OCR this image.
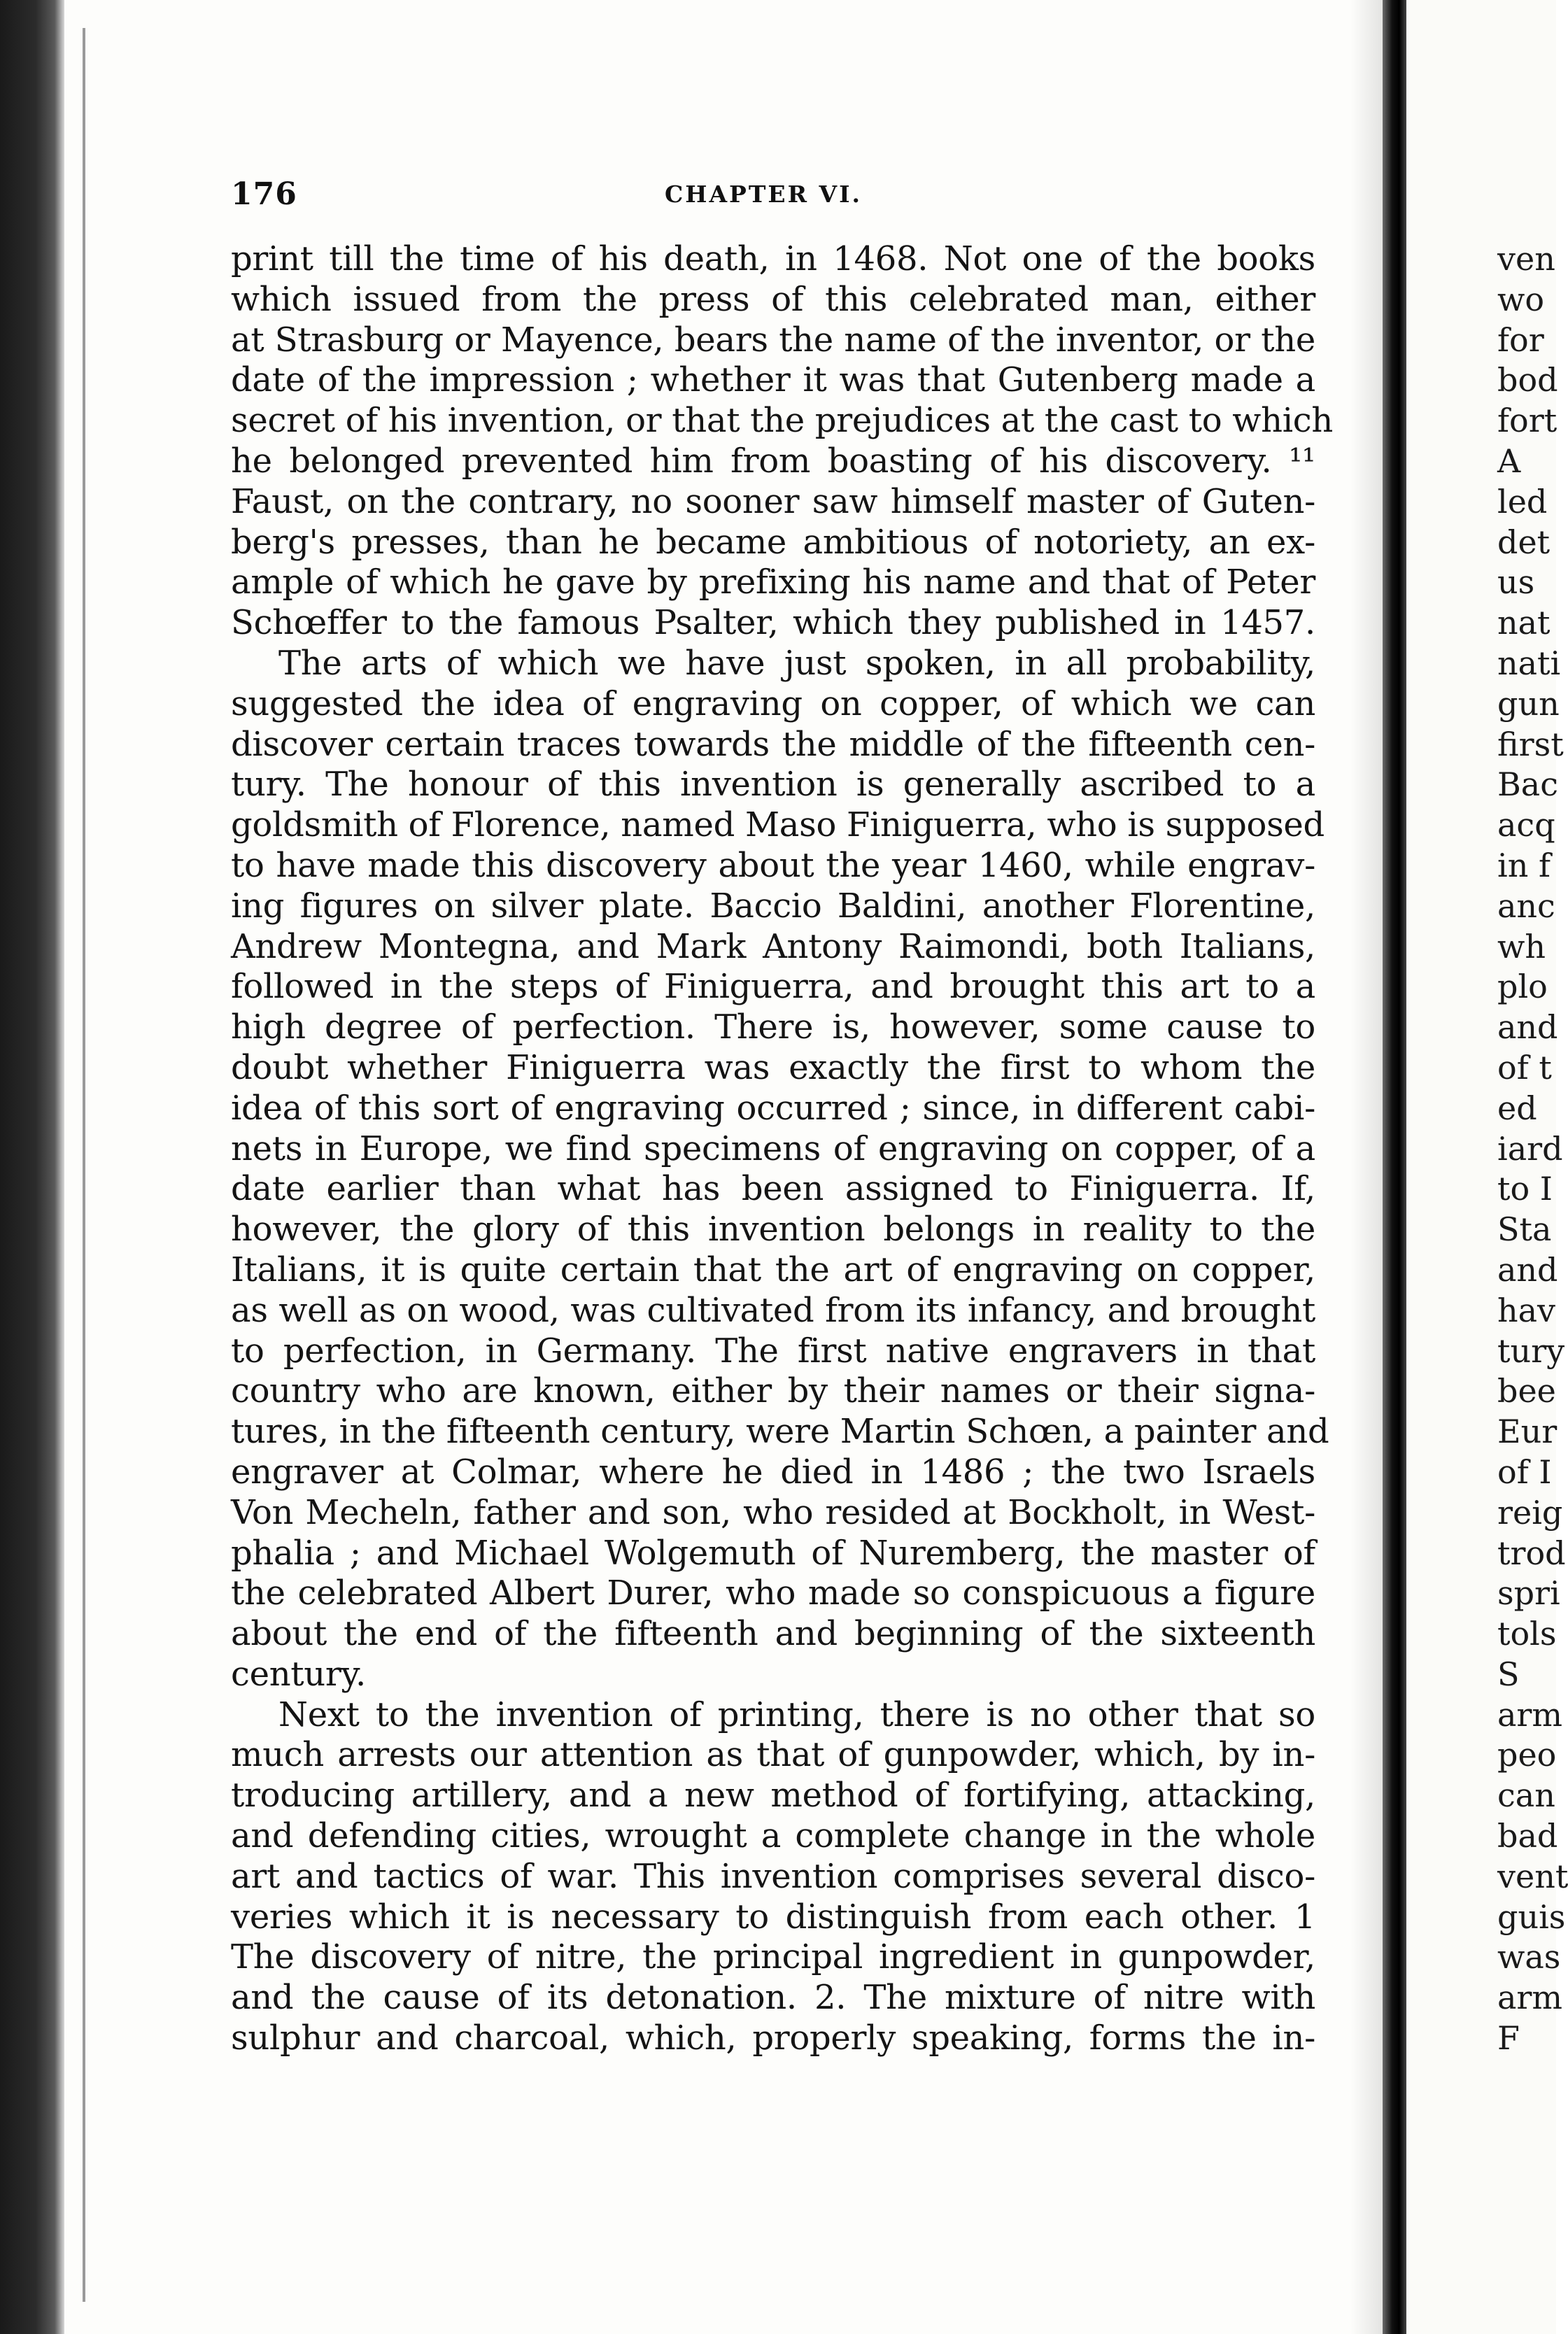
176	CHAPTER VI.
print till the time of his death, in 1468. Not one of the books
which issued from the press of this celebrated man, either
at Strasburg or Mayence, bears the name of the inventor, or the
date of the impression ; whether it was that Gutenberg made a
secret of his invention, or that the prejudices at the cast to which
he belonged prevented him from boasting of his discovery. ¹¹
Faust, on the contrary, no sooner saw himself master of Guten-
berg's presses, than he became ambitious of notoriety, an ex-
ample of which he gave by prefixing his name and that of Peter
Schœffer to the famous Psalter, which they published in 1457.
The arts of which we have just spoken, in all probability,
suggested the idea of engraving on copper, of which we can
discover certain traces towards the middle of the fifteenth cen-
tury. The honour of this invention is generally ascribed to a
goldsmith of Florence, named Maso Finiguerra, who is supposed
to have made this discovery about the year 1460, while engrav-
ing figures on silver plate. Baccio Baldini, another Florentine,
Andrew Montegna, and Mark Antony Raimondi, both Italians,
followed in the steps of Finiguerra, and brought this art to a
high degree of perfection. There is, however, some cause to
doubt whether Finiguerra was exactly the first to whom the
idea of this sort of engraving occurred ; since, in different cabi-
nets in Europe, we find specimens of engraving on copper, of a
date earlier than what has been assigned to Finiguerra. If,
however, the glory of this invention belongs in reality to the
Italians, it is quite certain that the art of engraving on copper,
as well as on wood, was cultivated from its infancy, and brought
to perfection, in Germany. The first native engravers in that
country who are known, either by their names or their signa-
tures, in the fifteenth century, were Martin Schœn, a painter and
engraver at Colmar, where he died in 1486 ; the two Israels
Von Mecheln, father and son, who resided at Bockholt, in West-
phalia ; and Michael Wolgemuth of Nuremberg, the master of
the celebrated Albert Durer, who made so conspicuous a figure
about the end of the fifteenth and beginning of the sixteenth
century.
Next to the invention of printing, there is no other that so
much arrests our attention as that of gunpowder, which, by in-
troducing artillery, and a new method of fortifying, attacking,
and defending cities, wrought a complete change in the whole
art and tactics of war. This invention comprises several disco-
veries which it is necessary to distinguish from each other. 1
The discovery of nitre, the principal ingredient in gunpowder,
and the cause of its detonation. 2. The mixture of nitre with
sulphur and charcoal, which, properly speaking, forms the in-
ven
wo
for
bod
fort
A
led
det
us
nat
nati
gun
first
Bac
acq
in f
anc
wh
plo
and
of t
ed
iard
to I
Sta
and
hav
tury
bee
Eur
of I
reig
trod
spri
tols
S
arm
peo
can
bad
vent
guis
was
arm
F
